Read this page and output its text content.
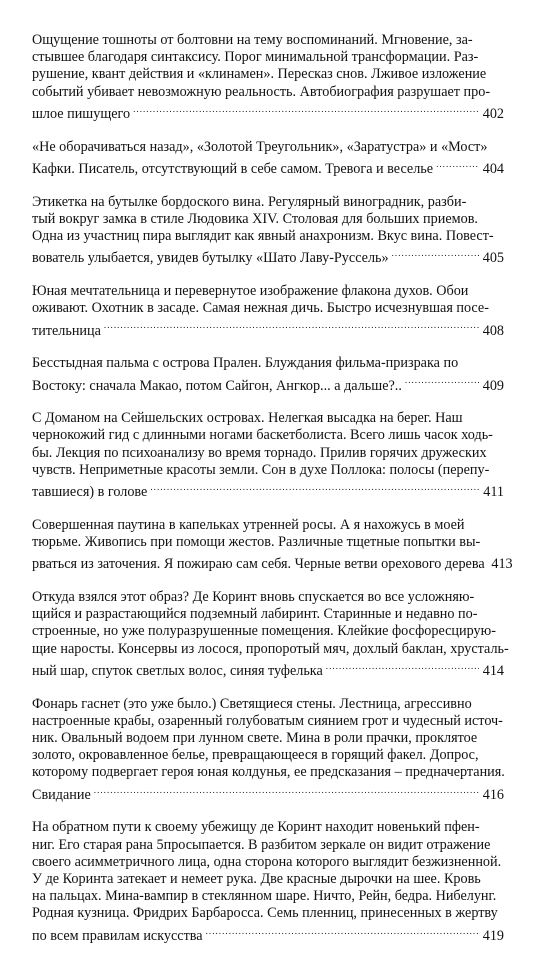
Ощущение тошноты от болтовни на тему воспоминаний. Мгновение, за-
стывшее благодаря синтаксису. Порог минимальной трансформации. Раз-
рушение, квант действия и «клинамен». Пересказ снов. Лживое изложение
событий убивает невозможную реальность. Автобиография разрушает про-
шлое пишущего . . .	402
«Не оборачиваться назад», «Золотой Треугольник», «Заратустра» и «Мост»
Кафки. Писатель, отсутствующий в себе самом. Тревога и веселье . . .	404
Этикетка на бутылке бордоского вина. Регулярный виноградник, разби-
тый вокруг замка в стиле Людовика XIV. Столовая для больших приемов.
Одна из участниц пира выглядит как явный анахронизм. Вкус вина. Повест-
вователь улыбается, увидев бутылку «Шато Лаву-Руссель» . . .	405
Юная мечтательница и перевернутое изображение флакона духов. Обои
оживают. Охотник в засаде. Самая нежная дичь. Быстро исчезнувшая посе-
тительница . . .	408
Бесстыдная пальма с острова Прален. Блуждания фильма-призрака по
Востоку: сначала Макао, потом Сайгон, Ангкор... а дальше?.. . . .	409
С Доманом на Сейшельских островах. Нелегкая высадка на берег. Наш
чернокожий гид с длинными ногами баскетболиста. Всего лишь часок ходь-
бы. Лекция по психоанализу во время торнадо. Прилив горячих дружеских
чувств. Неприметные красоты земли. Сон в духе Поллока: полосы (перепу-
тавшиеся) в голове . . .	411
Совершенная паутина в капельках утренней росы. А я нахожусь в моей
тюрьме. Живопись при помощи жестов. Различные тщетные попытки вы-
рваться из заточения. Я пожираю сам себя. Черные ветви орехового дерева 413
Откуда взялся этот образ? Де Коринт вновь спускается во все усложняю-
щийся и разрастающийся подземный лабиринт. Старинные и недавно по-
строенные, но уже полуразрушенные помещения. Клейкие фосфоресцирую-
щие наросты. Консервы из лосося, пропоротый мяч, дохлый баклан, хрусталь-
ный шар, спуток светлых волос, синяя туфелька . . .	414
Фонарь гаснет (это уже было.) Светящиеся стены. Лестница, агрессивно
настроенные крабы, озаренный голубоватым сиянием грот и чудесный источ-
ник. Овальный водоем при лунном свете. Мина в роли прачки, проклятое
золото, окровавленное белье, превращающееся в горящий факел. Допрос,
которому подвергает героя юная колдунья, ее предсказания – предначертания.
Свидание . . .	416
На обратном пути к своему убежищу де Коринт находит новенький пфен-
ниг. Его старая рана 5просыпается. В разбитом зеркале он видит отражение
своего асимметричного лица, одна сторона которого выглядит безжизненной.
У де Коринта затекает и немеет рука. Две красные дырочки на шее. Кровь
на пальцах. Мина-вампир в стеклянном шаре. Ничто, Рейн, бедра. Нибелунг.
Родная кузница. Фридрих Барбаросса. Семь пленниц, принесенных в жертву
по всем правилам искусства . . .	419
